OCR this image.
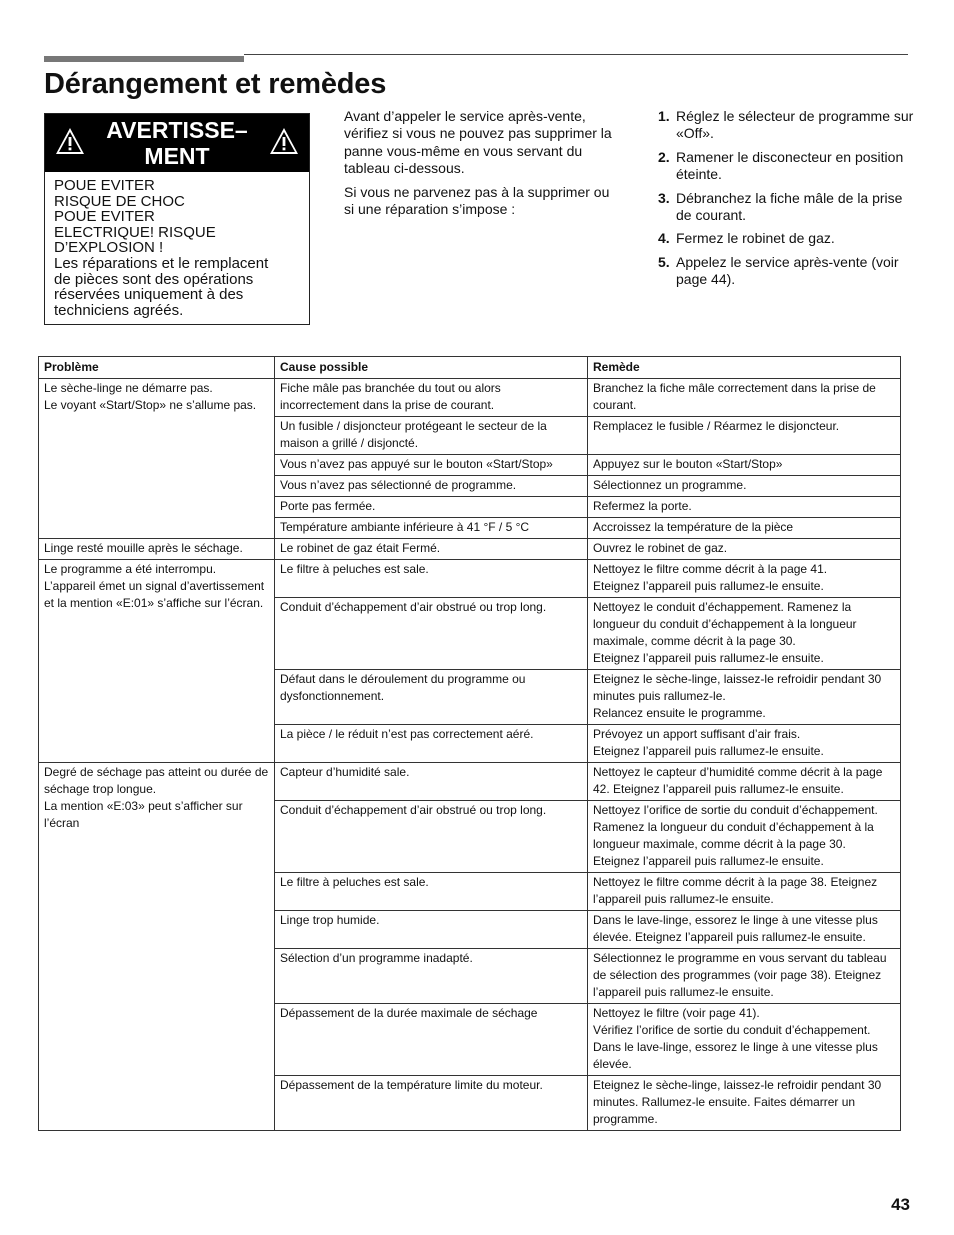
Dérangement et remèdes
AVERTISSE–
MENT
POUE EVITER
RISQUE DE CHOC
POUE EVITER
ELECTRIQUE! RISQUE
D’EXPLOSION !
Les réparations et le remplacent
de pièces sont des opérations
réservées uniquement à des
techniciens agréés.

Avant d’appeler le service après-vente, vérifiez si vous ne pouvez pas supprimer la panne vous-même en vous servant du tableau ci-dessous.

Si vous ne parvenez pas à la supprimer ou si une réparation s’impose :

1. Réglez le sélecteur de programme sur «Off».
2. Ramener le disconecteur en position éteinte.
3. Débranchez la fiche mâle de la prise de courant.
4. Fermez le robinet de gaz.
5. Appelez le service après-vente (voir page 44).
Problème	Cause possible	Remède

Le sèche-linge ne démarre pas.
Le voyant «Start/Stop» ne s’allume pas.	Fiche mâle pas branchée du tout ou alors incorrectement dans la prise de courant.	Branchez la fiche mâle correctement dans la prise de courant.

	Un fusible / disjoncteur protégeant le secteur de la maison a grillé / disjoncté.	Remplacez le fusible / Réarmez le disjoncteur.

	Vous n’avez pas appuyé sur le bouton «Start/Stop»	Appuyez sur le bouton «Start/Stop»

	Vous n’avez pas sélectionné de programme.	Sélectionnez un programme.

	Porte pas fermée.	Refermez la porte.

	Température ambiante inférieure à 41 °F / 5 °C	Accroissez la température de la pièce

Linge resté mouille après le séchage.	Le robinet de gaz était Fermé.	Ouvrez le robinet de gaz.

Le programme a été interrompu. L’appareil émet un signal d’avertissement et la mention «E:01» s’affiche sur l’écran.	Le filtre à peluches est sale.	Nettoyez le filtre comme décrit à la page 41.
Eteignez l’appareil puis rallumez-le ensuite.

	Conduit d’échappement d’air obstrué ou trop long.	Nettoyez le conduit d’échappement. Ramenez la longueur du conduit d’échappement à la longueur maximale, comme décrit à la page 30.
Eteignez l’appareil puis rallumez-le ensuite.

	Défaut dans le déroulement du programme ou dysfonctionnement.	Eteignez le sèche-linge, laissez-le refroidir pendant 30 minutes puis rallumez-le.
Relancez ensuite le programme.

	La pièce / le réduit n’est pas correctement aéré.	Prévoyez un apport suffisant d’air frais.
Eteignez l’appareil puis rallumez-le ensuite.

Degré de séchage pas atteint ou durée de séchage trop longue.
La mention «E:03» peut s’afficher sur l’écran	Capteur d’humidité sale.	Nettoyez le capteur d’humidité comme décrit à la page 42. Eteignez l’appareil puis rallumez-le ensuite.

	Conduit d’échappement d’air obstrué ou trop long.	Nettoyez l’orifice de sortie du conduit d’échappement. Ramenez la longueur du conduit d’échappement à la longueur maximale, comme décrit à la page 30. Eteignez l’appareil puis rallumez-le ensuite.

	Le filtre à peluches est sale.	Nettoyez le filtre comme décrit à la page 38. Eteignez l’appareil puis rallumez-le ensuite.

	Linge trop humide.	Dans le lave-linge, essorez le linge à une vitesse plus élevée. Eteignez l’appareil puis rallumez-le ensuite.

	Sélection d’un programme inadapté.	Sélectionnez le programme en vous servant du tableau de sélection des programmes (voir page 38). Eteignez l’appareil puis rallumez-le ensuite.

	Dépassement de la durée maximale de séchage	Nettoyez le filtre (voir page 41).
Vérifiez l’orifice de sortie du conduit d’échappement.
Dans le lave-linge, essorez le linge à une vitesse plus élevée.

	Dépassement de la température limite du moteur.	Eteignez le sèche-linge, laissez-le refroidir pendant 30 minutes. Rallumez-le ensuite. Faites démarrer un programme.
43
